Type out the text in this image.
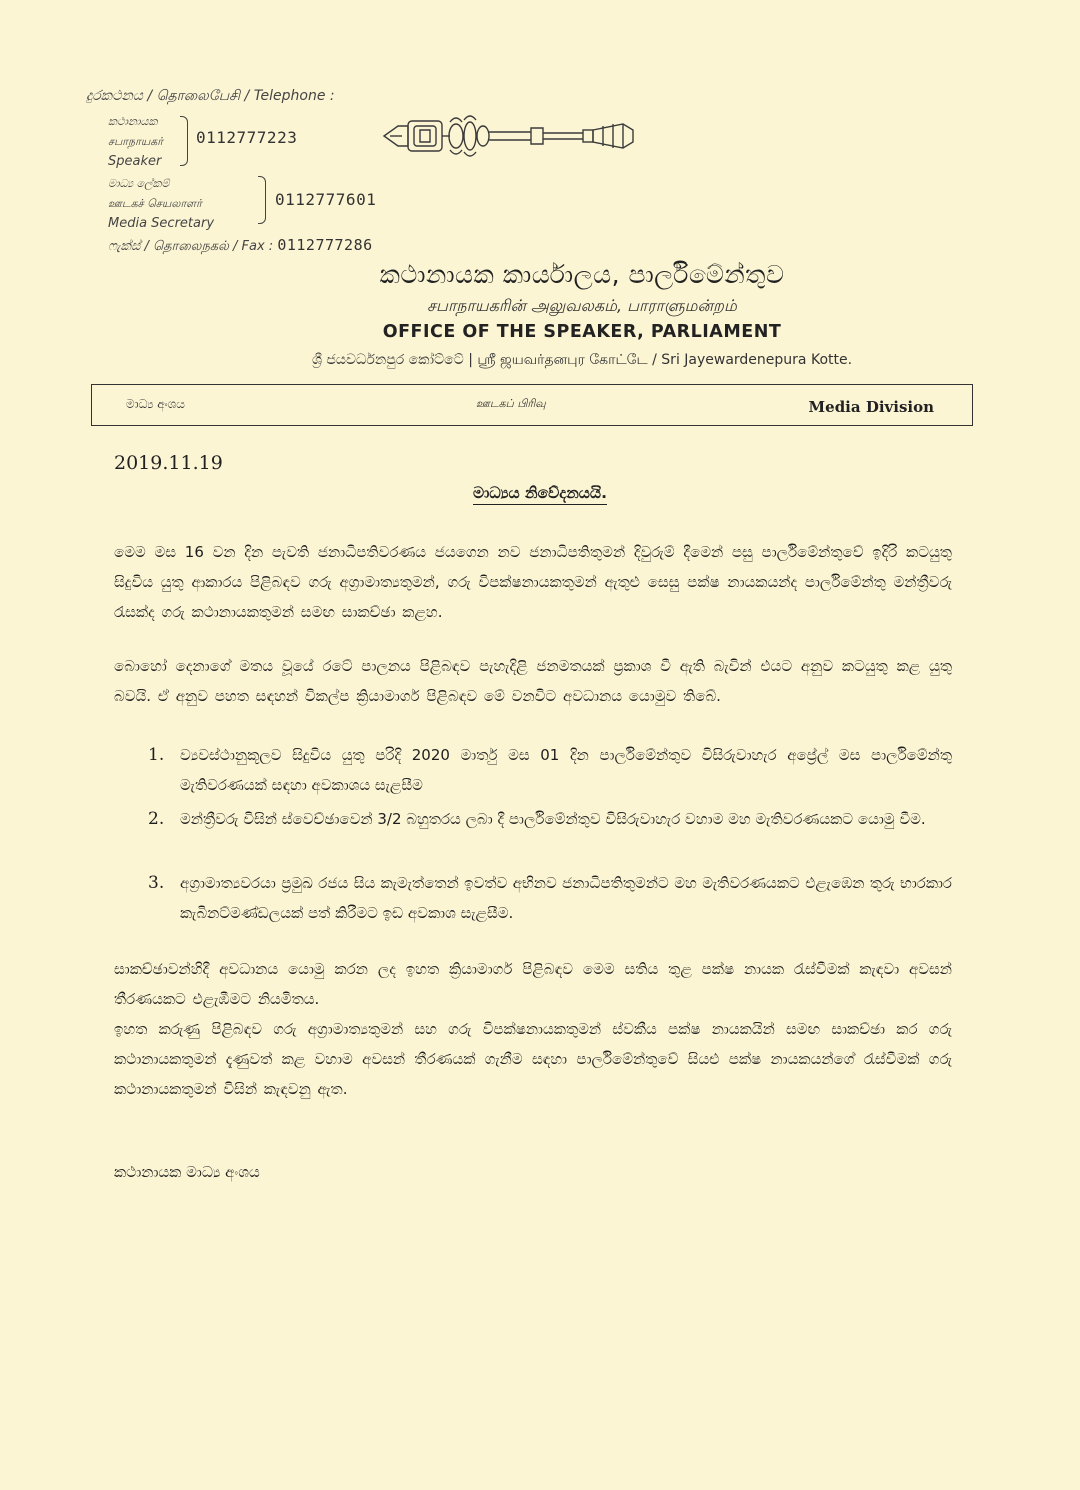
දුරකථනය / தொலைபேசி / Telephone :
කථානායක
சபாநாயகர்
Speaker
0112777223
මාධ්‍ය ලේකම්
ஊடகச் செயலாளர்
Media Secretary
0112777601
ෆැක්ස් / தொலைநகல் / Fax : 0112777286
කථානායක කාර්යාලය, පාර්ලිමේන්තුව
சபாநாயகரின் அலுவலகம், பாராளுமன்றம்
OFFICE OF THE SPEAKER, PARLIAMENT
ශ්‍රී ජයවර්ධනපුර කෝට්ටේ | ஸ்ரீ ஜயவர்தனபுர கோட்டே / Sri Jayewardenepura Kotte.
මාධ්‍ය අංශය	ஊடகப் பிரிவு	Media Division
2019.11.19
මාධ්‍යය නිවේදනයයි.
මෙම මස 16 වන දින පැවති ජනාධිපතිවරණය ජයගෙන නව ජනාධිපතිතුමන් දිවුරුම් දීමෙන් පසු පාර්ලිමේන්තුවේ ඉදිරි කටයුතු සිදුවිය යුතු ආකාරය පිළිබඳව ගරු අග්‍රාමාත්‍යතුමන්, ගරු විපක්ෂනායකතුමන් ඇතුළු සෙසු පක්ෂ නායකයන්ද පාර්ලිමේන්තු මන්ත්‍රීවරු රැසක්ද ගරු කථානායකතුමන් සමඟ සාකච්ඡා කළහ.
බොහෝ දෙනාගේ මතය වූයේ රටේ පාලනය පිළිබඳව පැහැදිළි ජනමතයක් ප්‍රකාශ වී ඇති බැවින් එයට අනුව කටයුතු කළ යුතු බවයි. ඒ අනුව පහත සඳහන් විකල්ප ක්‍රියාමාර්ග පිළිබඳව මේ වනවිට අවධානය යොමුව තිබේ.
1. ව්‍යවස්ථානුකූලව සිදුවිය යුතු පරිදි 2020 මාර්තු මස 01 දින පාර්ලිමේන්තුව විසිරුවාහැර අප්‍රේල් මස පාර්ලිමේන්තු මැතිවරණයක් සඳහා අවකාශය සැළසීම
2. මන්ත්‍රීවරු විසින් ස්වෙච්ඡාවෙන් 3/2 බහුතරය ලබා දී පාර්ලිමේන්තුව විසිරුවාහැර වහාම මහ මැතිවරණයකට යොමු වීම.
3. අග්‍රාමාත්‍යවරයා ප්‍රමුඛ රජය සිය කැමැත්තෙන් ඉවත්ව අභිනව ජනාධිපතිතුමන්ට මහ මැතිවරණයකට එළැඹෙන තුරු භාරකාර කැබිනට්මණ්ඩලයක් පත් කිරීමට ඉඩ අවකාශ සැළසීම.
සාකච්ඡාවන්හිදී අවධානය යොමු කරන ලද ඉහත ක්‍රියාමාර්ග පිළිබඳව මෙම සතිය තුළ පක්ෂ නායක රැස්වීමක් කැඳවා අවසන් තීරණයකට එළැඹීමට නියමිතය.
ඉහත කරුණු පිළිබඳව ගරු අග්‍රාමාත්‍යතුමන් සහ ගරු විපක්ෂනායකතුමන් ස්වකීය පක්ෂ නායකයින් සමඟ සාකච්ඡා කර ගරු කථානායකතුමන් දැණුවත් කළ වහාම අවසන් තීරණයක් ගැනීම සඳහා පාර්ලිමේන්තුවේ සියළු පක්ෂ නායකයන්ගේ රැස්වීමක් ගරු කථානායකතුමන් විසින් කැඳවනු ඇත.
කථානායක මාධ්‍ය අංශය
